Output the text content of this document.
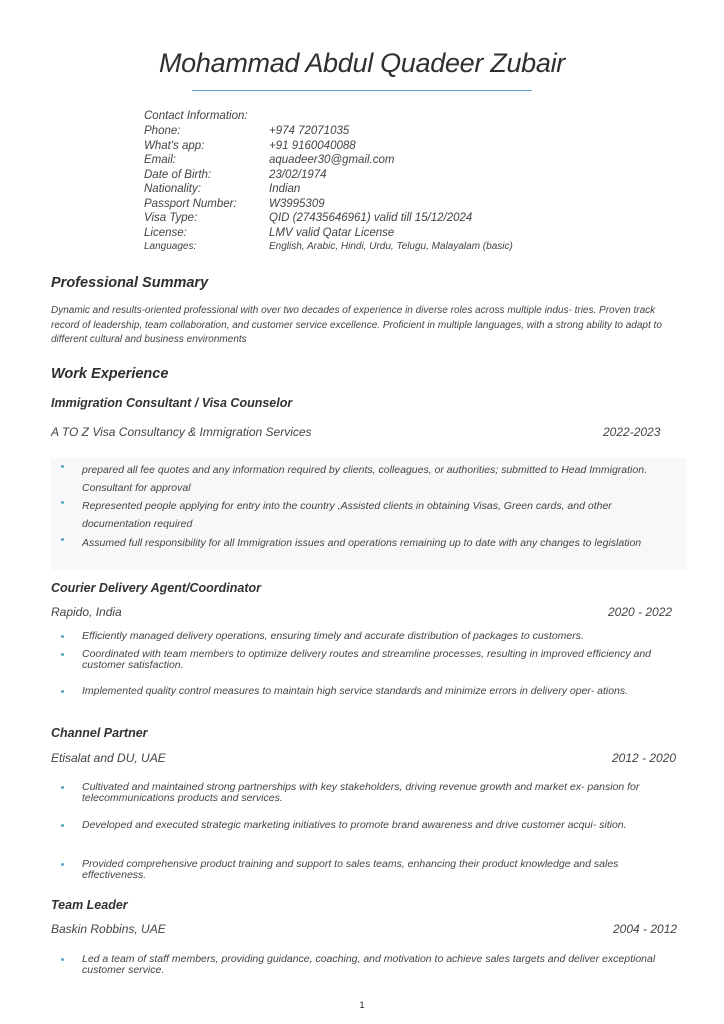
Mohammad Abdul Quadeer Zubair
Contact Information:
Phone:	+974 72071035
What's app:	+91 9160040088
Email:	aquadeer30@gmail.com
Date of Birth:	23/02/1974
Nationality:	Indian
Passport Number:	W3995309
Visa Type:	QID (27435646961) valid till 15/12/2024
License:	LMV valid Qatar License
Languages:	English, Arabic, Hindi, Urdu, Telugu, Malayalam (basic)
Professional Summary
Dynamic and results-oriented professional with over two decades of experience in diverse roles across multiple indus- tries. Proven track record of leadership, team collaboration, and customer service excellence. Proficient in multiple languages, with a strong ability to adapt to different cultural and business environments
Work Experience
Immigration Consultant / Visa Counselor
A TO Z Visa Consultancy & Immigration Services	2022-2023
prepared all fee quotes and any information required by clients, colleagues, or authorities; submitted to Head Immigration. Consultant for approval
Represented people applying for entry into the country ,Assisted clients in obtaining Visas, Green cards, and other documentation required
Assumed full responsibility for all Immigration issues and operations remaining up to date with any changes to legislation
Courier Delivery Agent/Coordinator
Rapido, India	2020 - 2022
Efficiently managed delivery operations, ensuring timely and accurate distribution of packages to customers.
Coordinated with team members to optimize delivery routes and streamline processes, resulting in improved efficiency and customer satisfaction.
Implemented quality control measures to maintain high service standards and minimize errors in delivery oper- ations.
Channel Partner
Etisalat and DU, UAE	2012 - 2020
Cultivated and maintained strong partnerships with key stakeholders, driving revenue growth and market ex- pansion for telecommunications products and services.
Developed and executed strategic marketing initiatives to promote brand awareness and drive customer acqui- sition.
Provided comprehensive product training and support to sales teams, enhancing their product knowledge and sales effectiveness.
Team Leader
Baskin Robbins, UAE	2004 - 2012
Led a team of staff members, providing guidance, coaching, and motivation to achieve sales targets and deliver exceptional customer service.
1
